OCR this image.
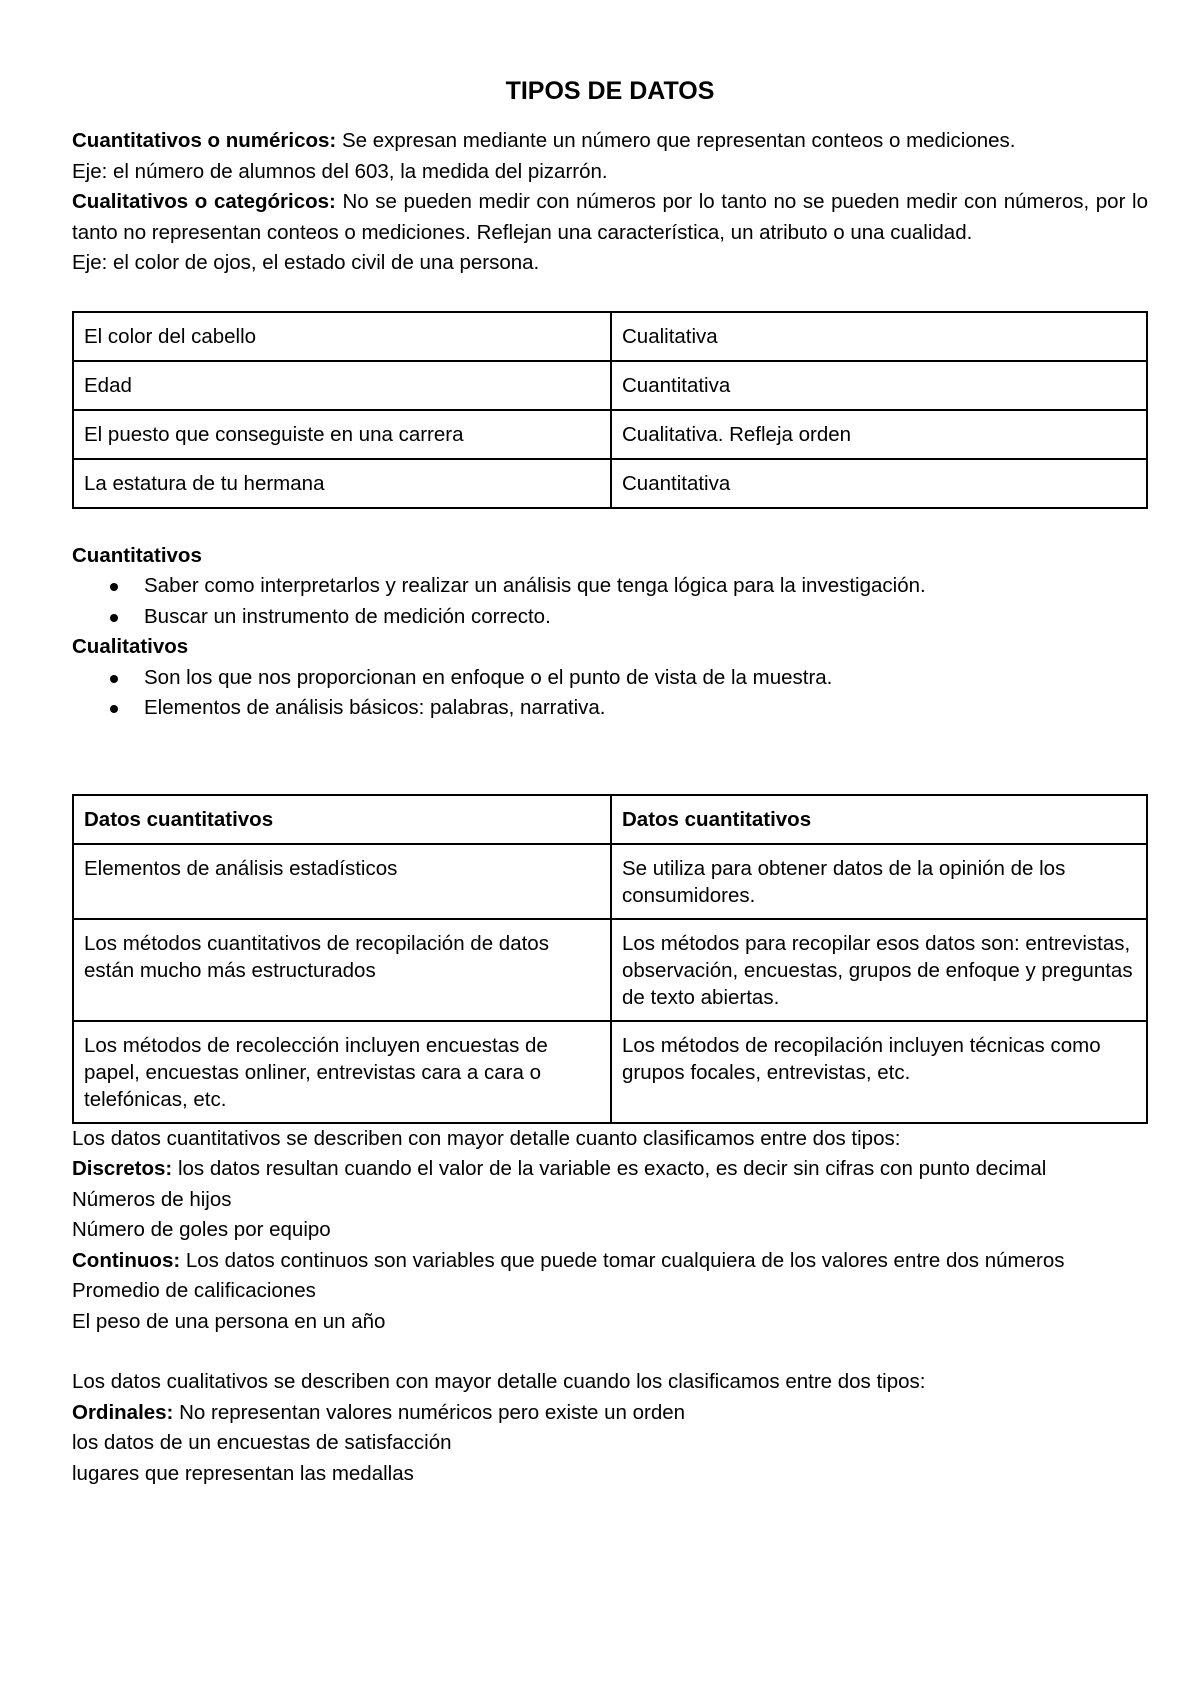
TIPOS DE DATOS

Cuantitativos o numéricos: Se expresan mediante un número que representan conteos o mediciones.

Eje: el número de alumnos del 603, la medida del pizarrón.

Cualitativos o categóricos: No se pueden medir con números por lo tanto no se pueden medir con números, por lo tanto no representan conteos o mediciones. Reflejan una característica, un atributo o una cualidad.

Eje: el color de ojos, el estado civil de una persona.

El color del cabello	Cualitativa
Edad	Cuantitativa
El puesto que conseguiste en una carrera	Cualitativa. Refleja orden
La estatura de tu hermana	Cuantitativa

Cuantitativos

Saber como interpretarlos y realizar un análisis que tenga lógica para la investigación.
Buscar un instrumento de medición correcto.

Cualitativos

Son los que nos proporcionan en enfoque o el punto de vista de la muestra.
Elementos de análisis básicos: palabras, narrativa.
Datos cuantitativos	Datos cuantitativos
Elementos de análisis estadísticos	Se utiliza para obtener datos de la opinión de los consumidores.
Los métodos cuantitativos de recopilación de datos están mucho más estructurados	Los métodos para recopilar esos datos son: entrevistas, observación, encuestas, grupos de enfoque y preguntas de texto abiertas.
Los métodos de recolección incluyen encuestas de papel, encuestas onliner, entrevistas cara a cara o telefónicas, etc.	Los métodos de recopilación incluyen técnicas como grupos focales, entrevistas, etc.

Los datos cuantitativos se describen con mayor detalle cuanto clasificamos entre dos tipos:

Discretos: los datos resultan cuando el valor de la variable es exacto, es decir sin cifras con punto decimal

Números de hijos

Número de goles por equipo

Continuos: Los datos continuos son variables que puede tomar cualquiera de los valores entre dos números

Promedio de calificaciones

El peso de una persona en un año

Los datos cualitativos se describen con mayor detalle cuando los clasificamos entre dos tipos:

Ordinales: No representan valores numéricos pero existe un orden

los datos de un encuestas de satisfacción

lugares que representan las medallas
